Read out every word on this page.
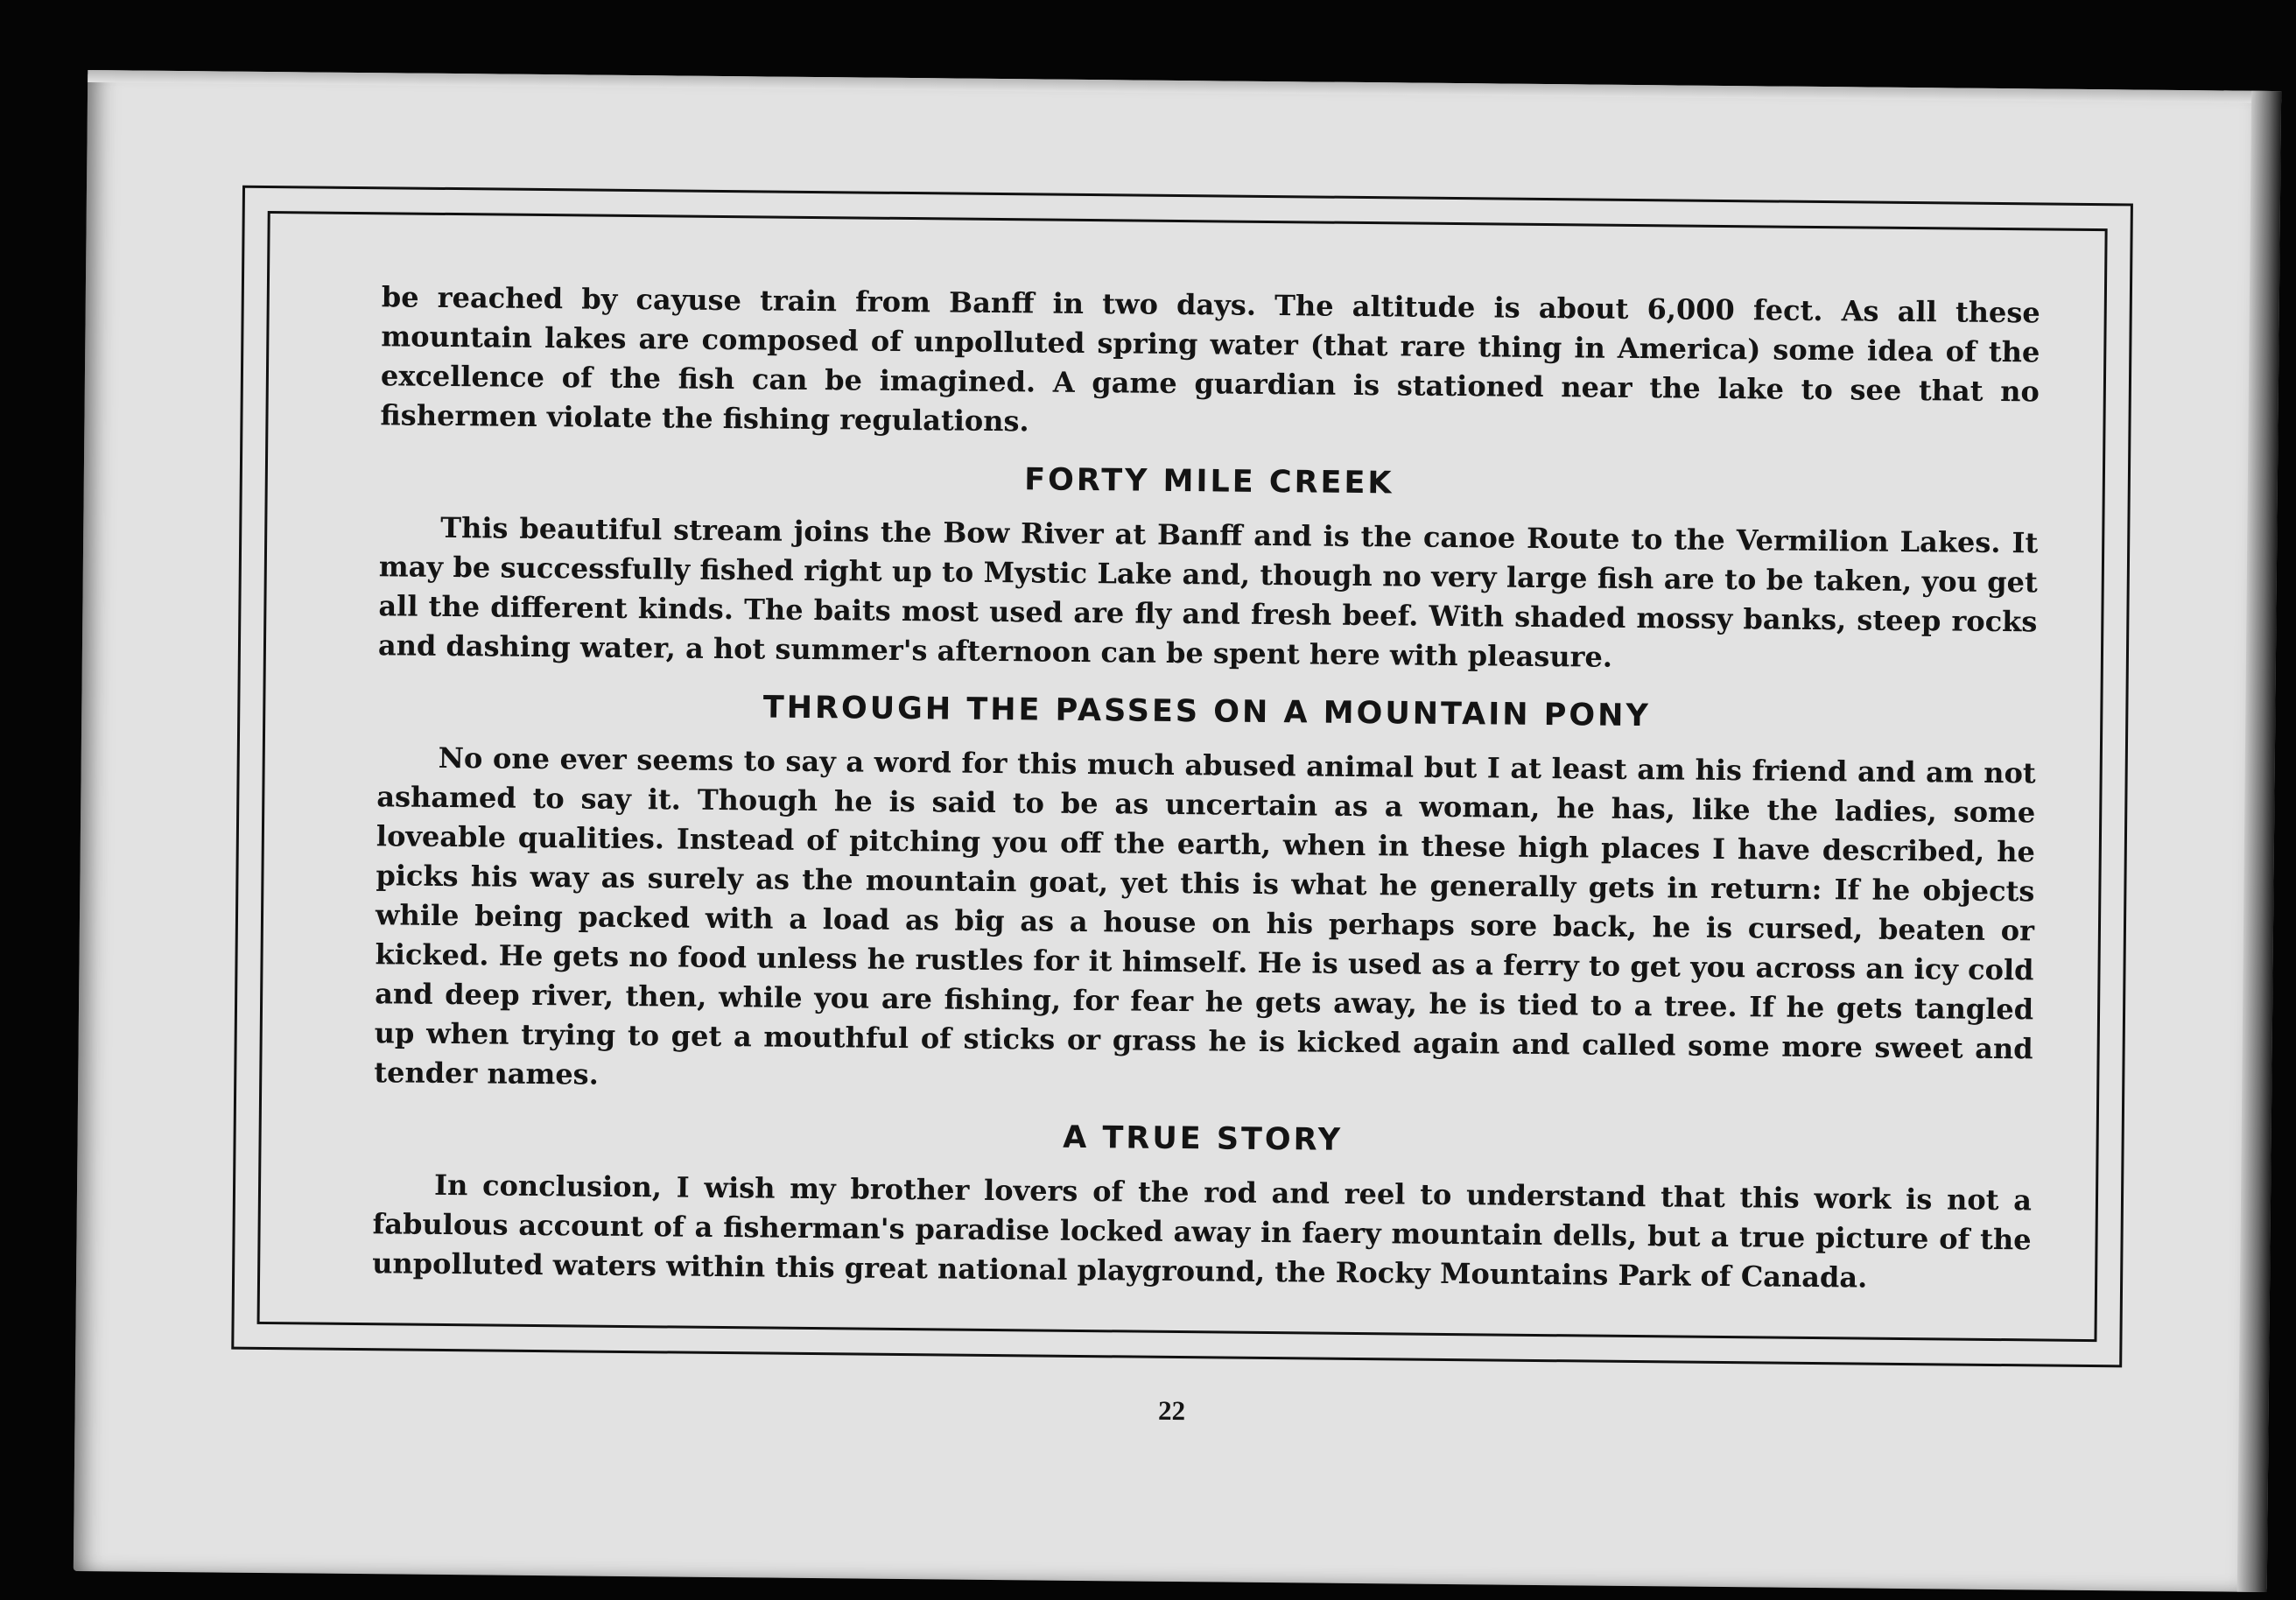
be reached by cayuse train from Banff in two days. The altitude is about 6,000 fect. As all these mountain lakes are composed of unpolluted spring water (that rare thing in America) some idea of the excellence of the fish can be imagined. A game guardian is stationed near the lake to see that no fishermen violate the fishing regulations.

FORTY MILE CREEK

This beautiful stream joins the Bow River at Banff and is the canoe Route to the Vermilion Lakes. It may be successfully fished right up to Mystic Lake and, though no very large fish are to be taken, you get all the different kinds. The baits most used are fly and fresh beef. With shaded mossy banks, steep rocks and dashing water, a hot summer's afternoon can be spent here with pleasure.

THROUGH THE PASSES ON A MOUNTAIN PONY

No one ever seems to say a word for this much abused animal but I at least am his friend and am not ashamed to say it. Though he is said to be as uncertain as a woman, he has, like the ladies, some loveable qualities. Instead of pitching you off the earth, when in these high places I have described, he picks his way as surely as the mountain goat, yet this is what he generally gets in return: If he objects while being packed with a load as big as a house on his perhaps sore back, he is cursed, beaten or kicked. He gets no food unless he rustles for it himself. He is used as a ferry to get you across an icy cold and deep river, then, while you are fishing, for fear he gets away, he is tied to a tree. If he gets tangled up when trying to get a mouthful of sticks or grass he is kicked again and called some more sweet and tender names.

A TRUE STORY

In conclusion, I wish my brother lovers of the rod and reel to understand that this work is not a fabulous account of a fisherman's paradise locked away in faery mountain dells, but a true picture of the unpolluted waters within this great national playground, the Rocky Mountains Park of Canada.

22
